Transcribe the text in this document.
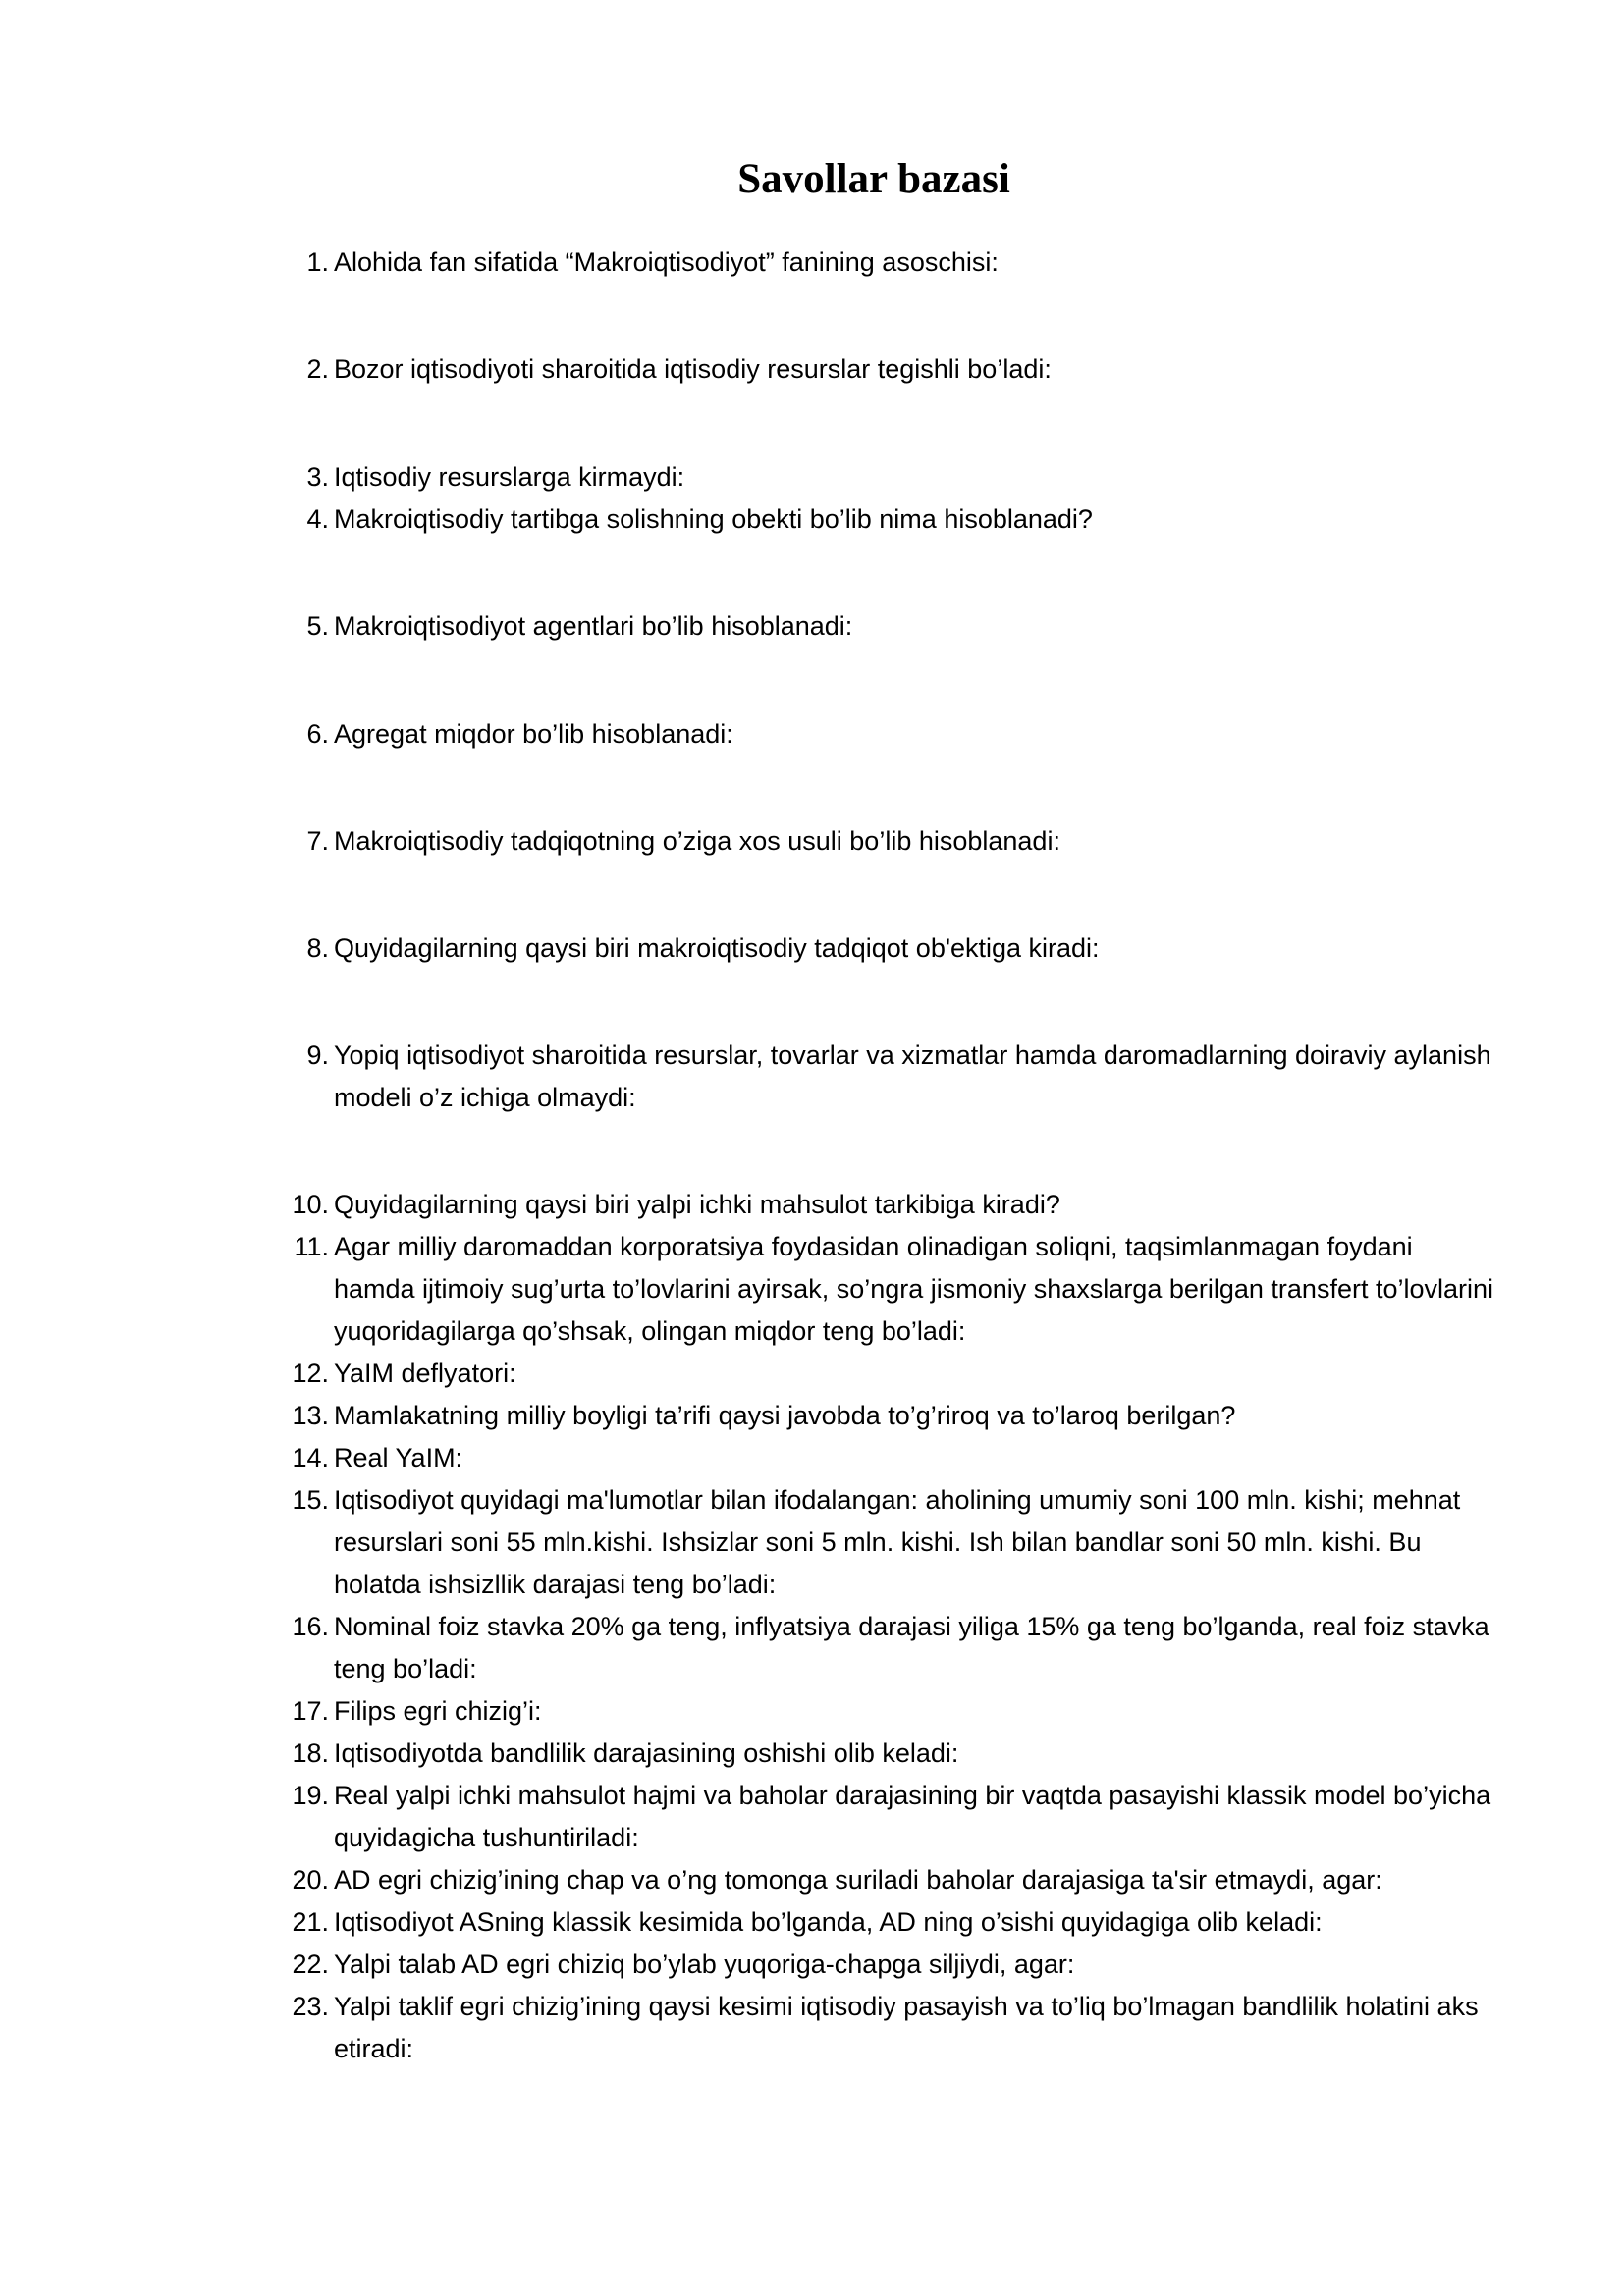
Savollar bazasi
1. Alohida fan sifatida “Makroiqtisodiyot” fanining asoschisi:
2. Bozor iqtisodiyoti sharoitida iqtisodiy resurslar tegishli bo’ladi:
3. Iqtisodiy resurslarga kirmaydi:
4. Makroiqtisodiy tartibga solishning obekti bo’lib nima hisoblanadi?
5. Makroiqtisodiyot agentlari bo’lib hisoblanadi:
6. Agregat miqdor bo’lib hisoblanadi:
7. Makroiqtisodiy tadqiqotning o’ziga xos usuli bo’lib hisoblanadi:
8. Quyidagilarning qaysi biri makroiqtisodiy tadqiqot ob'ektiga kiradi:
9. Yopiq iqtisodiyot sharoitida resurslar, tovarlar va xizmatlar hamda daromadlarning doiraviy aylanish modeli o’z ichiga olmaydi:
10. Quyidagilarning qaysi biri yalpi ichki mahsulot tarkibiga kiradi?
11. Agar milliy daromaddan korporatsiya foydasidan olinadigan soliqni, taqsimlanmagan foydani hamda ijtimoiy sug’urta to’lovlarini ayirsak, so’ngra jismoniy shaxslarga berilgan transfert to’lovlarini yuqoridagilarga qo’shsak, olingan miqdor teng bo’ladi:
12. YaIM deflyatori:
13. Mamlakatning milliy boyligi ta’rifi qaysi javobda to’g’riroq va to’laroq berilgan?
14. Real YaIM:
15. Iqtisodiyot quyidagi ma'lumotlar bilan ifodalangan: aholining umumiy soni 100 mln. kishi; mehnat resurslari soni 55 mln.kishi. Ishsizlar soni 5 mln. kishi. Ish bilan bandlar soni 50 mln. kishi. Bu holatda ishsizllik darajasi teng bo’ladi:
16. Nominal foiz stavka 20% ga teng, inflyatsiya darajasi yiliga 15% ga teng bo’lganda, real foiz stavka teng bo’ladi:
17. Filips egri chizig’i:
18. Iqtisodiyotda bandlilik darajasining oshishi olib keladi:
19. Real yalpi ichki mahsulot hajmi va baholar darajasining bir vaqtda pasayishi klassik model bo’yicha quyidagicha tushuntiriladi:
20. AD egri chizig’ining chap va o’ng tomonga suriladi baholar darajasiga ta'sir etmaydi, agar:
21. Iqtisodiyot ASning klassik kesimida bo’lganda, AD ning o’sishi quyidagiga olib keladi:
22. Yalpi talab AD egri chiziq bo’ylab yuqoriga-chapga siljiydi, agar:
23. Yalpi taklif egri chizig’ining qaysi kesimi iqtisodiy pasayish va to’liq bo’lmagan bandlilik holatini aks etiradi:
